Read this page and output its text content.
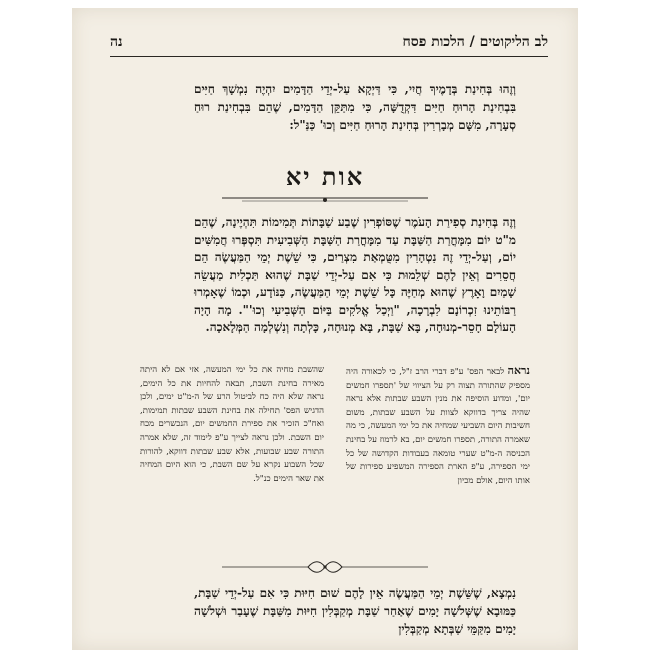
לב הליקוטים / הלכות פסח
נה

וְזֶהוּ בְּחִינַת בְּדָמֶיךָ חֲיִי, כִּי דַּיְקָא עַל-יְדֵי הַדָּמִים יִהְיֶה נִמְשָׁךְ חַיִּים בִּבְחִינַת הָרוּחַ חַיִּים דִּקְדֻשָּׁה, כִּי מִתַּקֵּן הַדָּמִים, שֶׁהֵם בִּבְחִינַת רוּחַ סְעָרָה, מִשָּׁם מְבָרְרִין בְּחִינַת הָרוּחַ חַיִּים וְכוּ' כַּנַּ"ל:

אות יא

וְזֶה בְּחִינַת סְפִירַת הָעֹמֶר שֶׁסּוֹפְרִין שֶׁבַע שַׁבָּתוֹת תְּמִימוֹת תִּהְיֶינָה, שֶׁהֵם מ"ט יוֹם מִמָּחֳרַת הַשַּׁבָּת עַד מִמָּחֳרַת הַשַּׁבָּת הַשְּׁבִיעִית תִּסְפְּרוּ חֲמִשִּׁים יוֹם, וְעַל-יְדֵי זֶה נִטְהָרִין מִטֻּמְאַת מִצְרַיִם, כִּי שֵׁשֶׁת יְמֵי הַמַּעֲשֶׂה הֵם חֲסֵרִים וְאֵין לָהֶם שְׁלֵמוּת כִּי אִם עַל-יְדֵי שַׁבָּת שֶׁהוּא תַּכְלִית מַעֲשֵׂה שָׁמַיִם וָאָרֶץ שֶׁהוּא מְחַיֶּה כָּל שֵׁשֶׁת יְמֵי הַמַּעֲשֶׂה, כַּנּוֹדָע, וּכְמוֹ שֶׁאָמְרוּ רַבּוֹתֵינוּ זִכְרוֹנָם לִבְרָכָה, "וַיְכַל אֱלֹקִים בַּיּוֹם הַשְּׁבִיעִי וְכוּ'". מָה הָיָה הָעוֹלָם חָסֵר-מְנוּחָה, בָּא שַׁבָּת, בָּא מְנוּחָה, כָּלְתָה וְנִשְׁלְמָה הַמְּלָאכָה.

נראה לבאר הפס' ע"פ דברי הרב ז"ל, כי לכאורה היה מספיק שהתורה תצוה רק על הציווי של 'תספרו חמשים יום', ומדוע הוסיפה את מנין השבע שבתות אלא נראה שהיה צריך בדווקא לצוות על השבע שבתות, משום חשיבות היום השביעי שמחיה את כל ימי המעשה, כי מה שאמרה התורה, תספרו חמשים יום, בא לרמוז על בחינת הכניסה ה-מ"ט שערי טומאה בעבודות הקדושה של כל ימי הספירה, ע"פ הארת הספירה המשפיע ספירות של אותו היום, אולם מכיון

שהשבת מחיה את כל ימי המעשה, אזי אם לא היתה מאירה בחינת השבת, תבאה להחיות את כל הימים, נראה שלא היה כח לביטול הרע של ה-מ"ט ימים, ולכן הדגיש הפס' תחילה את בחינת השבע שבתות תמימות, ואח"כ הזכיר את ספירת החמשים יום, הנכשרים מכח יום השבת. ולכן נראה לצייך ע"פ לימוד זה, שלא אמרה התורה שבע שבועות, אלא שבע שבתות דווקא, להורות שכל השבוע נקרא על שם השבת, כי הוא היום המחיה את שאר הימים כנ"ל.

נִמְצָא, שֶׁשֵּׁשֶׁת יְמֵי הַמַּעֲשֶׂה אֵין לָהֶם שׁוּם חִיּוּת כִּי אִם עַל-יְדֵי שַׁבָּת, כַּמּוּבָא שֶׁשְּׁלֹשָׁה יָמִים שֶׁאַחַר שַׁבָּת מְקַבְּלִין חִיּוּת מִשַּׁבָּת שֶׁעָבַר וּשְׁלֹשָׁה יָמִים מִקַּמֵּי שַׁבְּתָא מְקַבְּלִין
